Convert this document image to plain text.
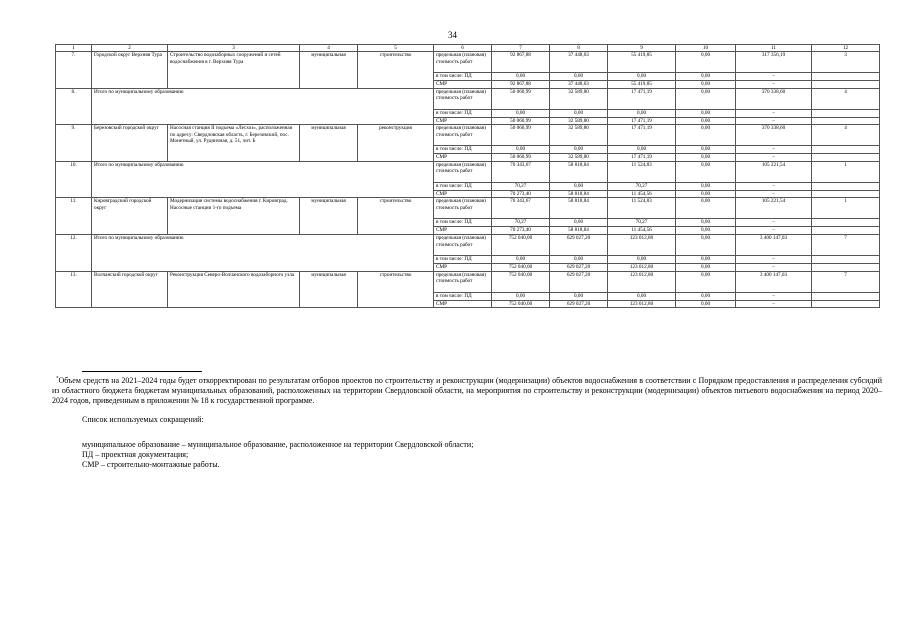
34
1	2	3	4	5	6	7	8	9	10	11	12
7.	Городской округ Верхняя Тура	Строительство водозаборных сооружений и сетей водоснабжения в г. Верхняя Тура	муниципальная	строительство	предельная (плановая) стоимость работ	92 867,88	37 448,03	55 419,85	0,00	317 356,19	3
					в том числе: ПД	0,00	0,00	0,00	0,00	–	
					СМР	92 867,88	37 448,03	55 419,85	0,00	–	
8.	Итого по муниципальному образованию				предельная (плановая) стоимость работ	50 060,99	32 589,80	17 471,19	0,00	370 338,60	4
					в том числе: ПД	0,00	0,00	0,00	0,00	–	
					СМР	50 060,99	32 589,80	17 471,19	0,00	–	
9.	Березовский городской округ	Насосная станция II подъема «Лесхоз», расположенная по адресу: Свердловская область, г. Березовский, пос. Монетный, ул. Рудничная, д. 51, лит. Б	муниципальная	реконструкция	предельная (плановая) стоимость работ	50 060,99	32 589,80	17 471,19	0,00	370 338,60	4
					в том числе: ПД	0,00	0,00	0,00	0,00	–	
					СМР	50 060,99	32 589,80	17 471,19	0,00	–	
10.	Итого по муниципальному образованию				предельная (плановая) стоимость работ	70 343,67	58 818,84	11 524,83	0,00	105 221,54	1
					в том числе: ПД	70,27	0,00	70,27	0,00	–	
					СМР	70 273,40	58 818,84	11 454,56	0,00	–	
11.	Кировградский городской округ	Модернизация системы водоснабжения г. Кировград. Насосные станции 1-го подъема	муниципальная	строительство	предельная (плановая) стоимость работ	70 343,67	58 818,84	11 524,83	0,00	105 221,54	1
					в том числе: ПД	70,27	0,00	70,27	0,00	–	
					СМР	70 273,40	58 818,84	11 454,56	0,00	–	
12.	Итого по муниципальному образованию				предельная (плановая) стоимость работ	752 040,00	629 027,20	123 012,80	0,00	3 400 147,03	7
					в том числе: ПД	0,00	0,00	0,00	0,00	–	
					СМР	752 040,00	629 027,20	123 012,80	0,00	–	
13.	Волчанский городской округ	Реконструкция Северо-Волчанского водозаборного узла	муниципальная	строительство	предельная (плановая) стоимость работ	752 040,00	629 027,20	123 012,80	0,00	3 400 147,03	7
					в том числе: ПД	0,00	0,00	0,00	0,00	–	
					СМР	752 040,00	629 027,20	123 012,80	0,00	–	
*Объем средств на 2021–2024 годы будет откорректирован по результатам отборов проектов по строительству и реконструкции (модернизации) объектов водоснабжения в соответствии с Порядком предоставления и распределения субсидий из областного бюджета бюджетам муниципальных образований, расположенных на территории Свердловской области, на мероприятия по строительству и реконструкции (модернизации) объектов питьевого водоснабжения на период 2020–2024 годов, приведенным в приложении № 18 к государственной программе.
Список используемых сокращений:
муниципальное образование – муниципальное образование, расположенное на территории Свердловской области;
ПД – проектная документация;
СМР – строительно-монтажные работы.
